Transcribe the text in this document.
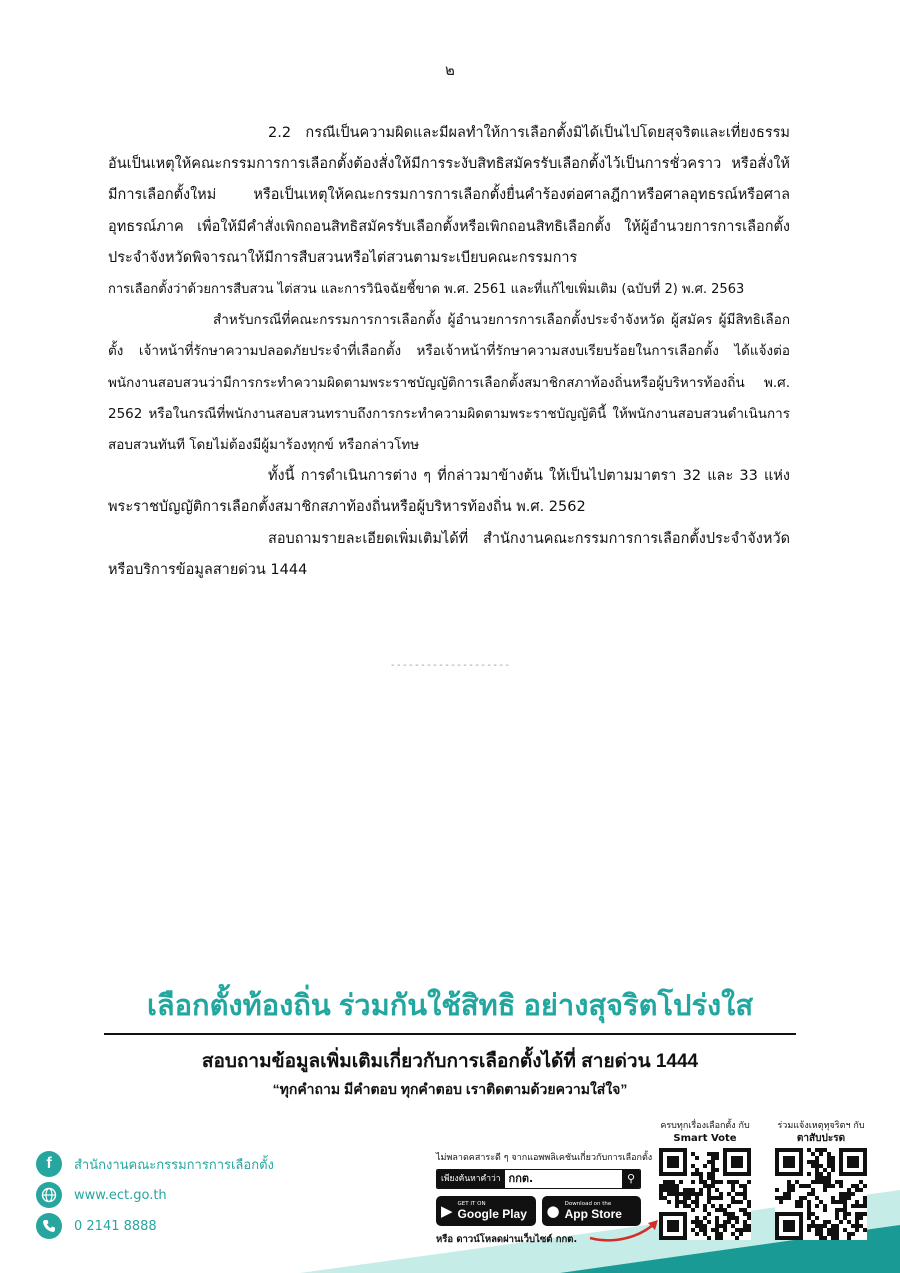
๒

2.2 กรณีเป็นความผิดและมีผลทำให้การเลือกตั้งมิได้เป็นไปโดยสุจริตและเที่ยงธรรมอันเป็นเหตุให้คณะกรรมการการเลือกตั้งต้องสั่งให้มีการระงับสิทธิสมัครรับเลือกตั้งไว้เป็นการชั่วคราว หรือสั่งให้มีการเลือกตั้งใหม่ หรือเป็นเหตุให้คณะกรรมการการเลือกตั้งยื่นคำร้องต่อศาลฎีกาหรือศาลอุทธรณ์หรือศาลอุทธรณ์ภาค เพื่อให้มีคำสั่งเพิกถอนสิทธิสมัครรับเลือกตั้งหรือเพิกถอนสิทธิเลือกตั้ง ให้ผู้อำนวยการการเลือกตั้งประจำจังหวัดพิจารณาให้มีการสืบสวนหรือไต่สวนตามระเบียบคณะกรรมการ

การเลือกตั้งว่าด้วยการสืบสวน ไต่สวน และการวินิจฉัยชี้ขาด พ.ศ. 2561 และที่แก้ไขเพิ่มเติม (ฉบับที่ 2) พ.ศ. 2563

สำหรับกรณีที่คณะกรรมการการเลือกตั้ง ผู้อำนวยการการเลือกตั้งประจำจังหวัด ผู้สมัคร ผู้มีสิทธิเลือกตั้ง เจ้าหน้าที่รักษาความปลอดภัยประจำที่เลือกตั้ง หรือเจ้าหน้าที่รักษาความสงบเรียบร้อยในการเลือกตั้ง ได้แจ้งต่อพนักงานสอบสวนว่ามีการกระทำความผิดตามพระราชบัญญัติการเลือกตั้งสมาชิกสภาท้องถิ่นหรือผู้บริหารท้องถิ่น พ.ศ. 2562 หรือในกรณีที่พนักงานสอบสวนทราบถึงการกระทำความผิดตามพระราชบัญญัตินี้ ให้พนักงานสอบสวนดำเนินการสอบสวนทันที โดยไม่ต้องมีผู้มาร้องทุกข์ หรือกล่าวโทษ

ทั้งนี้ การดำเนินการต่าง ๆ ที่กล่าวมาข้างต้น ให้เป็นไปตามมาตรา 32 และ 33 แห่งพระราชบัญญัติการเลือกตั้งสมาชิกสภาท้องถิ่นหรือผู้บริหารท้องถิ่น พ.ศ. 2562

สอบถามรายละเอียดเพิ่มเติมได้ที่ สำนักงานคณะกรรมการการเลือกตั้งประจำจังหวัด หรือบริการข้อมูลสายด่วน 1444

--------------------
เลือกตั้งท้องถิ่น ร่วมกันใช้สิทธิ อย่างสุจริตโปร่งใส
สอบถามข้อมูลเพิ่มเติมเกี่ยวกับการเลือกตั้งได้ที่ สายด่วน 1444
“ทุกคำถาม มีคำตอบ ทุกคำตอบ เราติดตามด้วยความใส่ใจ”
f	สำนักงานคณะกรรมการการเลือกตั้ง
www.ect.go.th
0 2141 8888
ไม่พลาดคสาระดี ๆ จากแอพพลิเคชันเกี่ยวกับการเลือกตั้ง
เพียงค้นหาคำว่า กกต.	⚲
▶ GET IT ON
Google Play ● Download on the
App Store
หรือ ดาวน์โหลดผ่านเว็บไซต์ กกต.
ครบทุกเรื่องเลือกตั้ง กับ
Smart Vote
ร่วมแจ้งเหตุทุจริตฯ กับ
ตาสับปะรด
